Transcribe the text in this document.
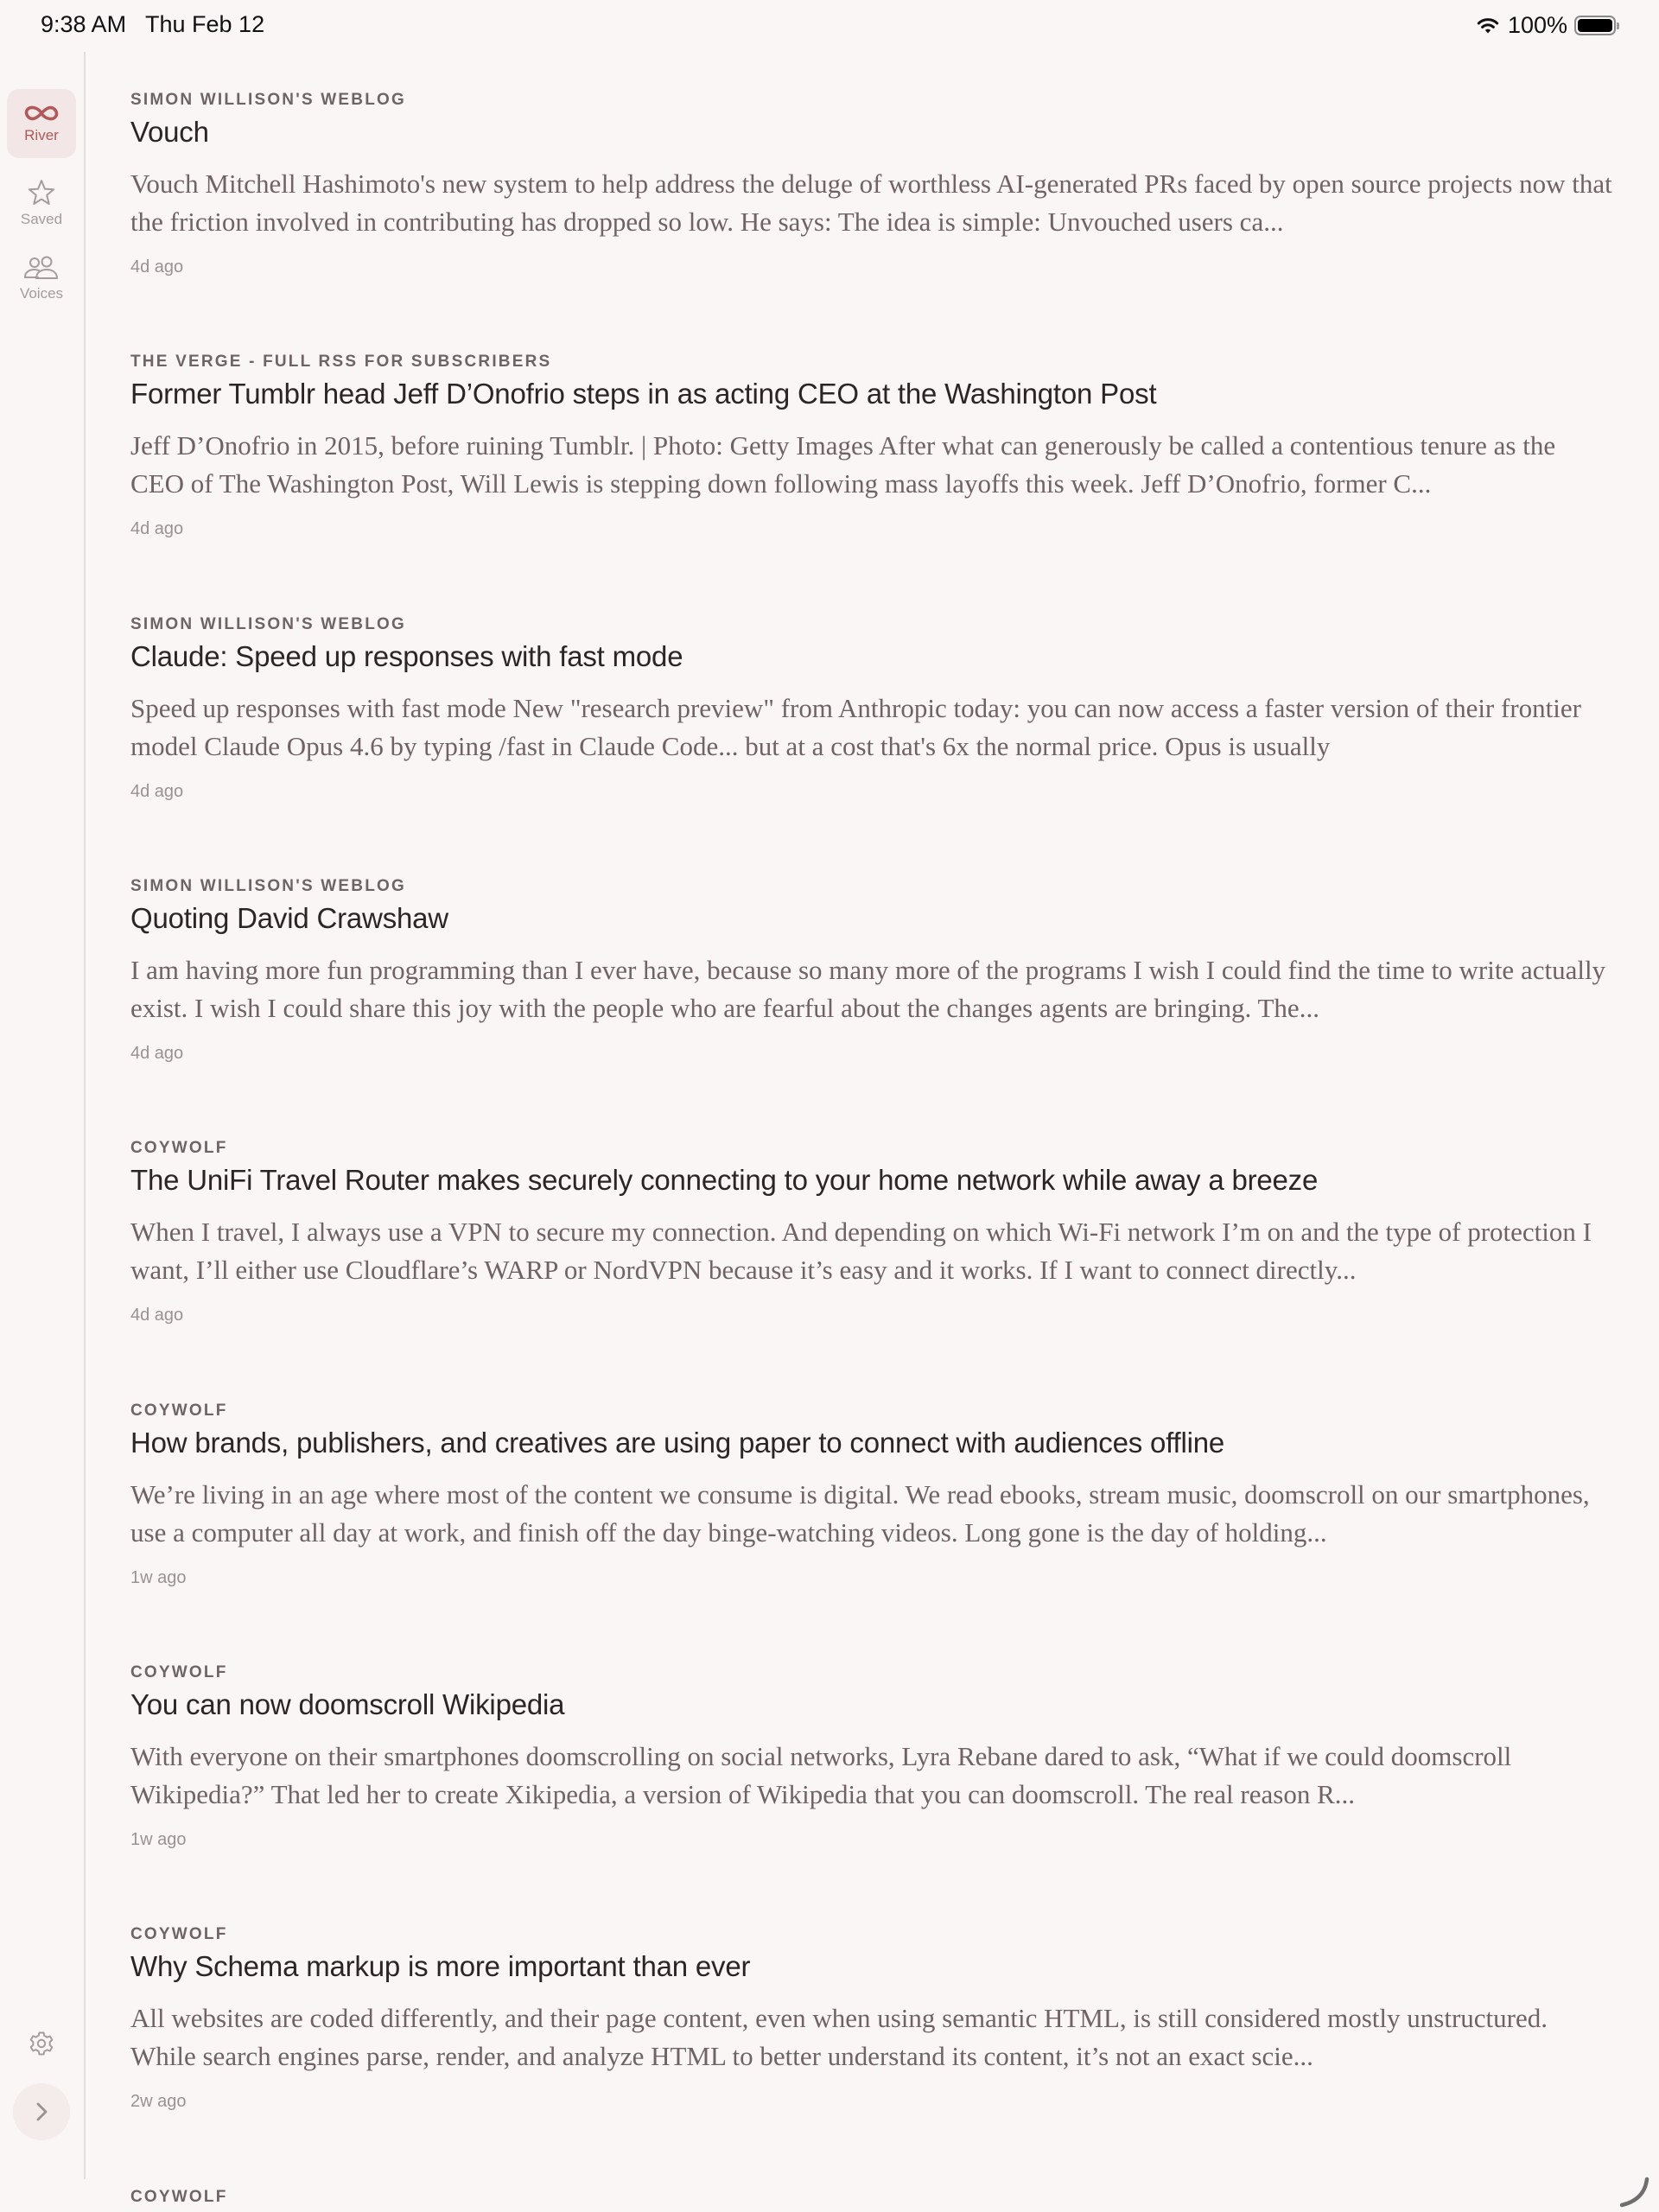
9:38 AM Thu Feb 12	100%
River
Saved
Voices
SIMON WILLISON'S WEBLOG
Vouch

Vouch Mitchell Hashimoto's new system to help address the deluge of worthless AI-generated PRs faced by open source projects now that the friction involved in contributing has dropped so low. He says: The idea is simple: Unvouched users ca...

4d ago
THE VERGE - FULL RSS FOR SUBSCRIBERS
Former Tumblr head Jeff D’Onofrio steps in as acting CEO at the Washington Post

Jeff D’Onofrio in 2015, before ruining Tumblr. | Photo: Getty Images After what can generously be called a contentious tenure as the CEO of The Washington Post, Will Lewis is stepping down following mass layoffs this week. Jeff D’Onofrio, former C...

4d ago
SIMON WILLISON'S WEBLOG
Claude: Speed up responses with fast mode

Speed up responses with fast mode New "research preview" from Anthropic today: you can now access a faster version of their frontier model Claude Opus 4.6 by typing /fast in Claude Code... but at a cost that's 6x the normal price. Opus is usually

4d ago
SIMON WILLISON'S WEBLOG
Quoting David Crawshaw

I am having more fun programming than I ever have, because so many more of the programs I wish I could find the time to write actually exist. I wish I could share this joy with the people who are fearful about the changes agents are bringing. The...

4d ago
COYWOLF
The UniFi Travel Router makes securely connecting to your home network while away a breeze

When I travel, I always use a VPN to secure my connection. And depending on which Wi-Fi network I’m on and the type of protection I want, I’ll either use Cloudflare’s WARP or NordVPN because it’s easy and it works. If I want to connect directly...

4d ago
COYWOLF
How brands, publishers, and creatives are using paper to connect with audiences offline

We’re living in an age where most of the content we consume is digital. We read ebooks, stream music, doomscroll on our smartphones, use a computer all day at work, and finish off the day binge-watching videos. Long gone is the day of holding...

1w ago
COYWOLF
You can now doomscroll Wikipedia

With everyone on their smartphones doomscrolling on social networks, Lyra Rebane dared to ask, “What if we could doomscroll Wikipedia?” That led her to create Xikipedia, a version of Wikipedia that you can doomscroll. The real reason R...

1w ago
COYWOLF
Why Schema markup is more important than ever

All websites are coded differently, and their page content, even when using semantic HTML, is still considered mostly unstructured. While search engines parse, render, and analyze HTML to better understand its content, it’s not an exact scie...

2w ago
COYWOLF
